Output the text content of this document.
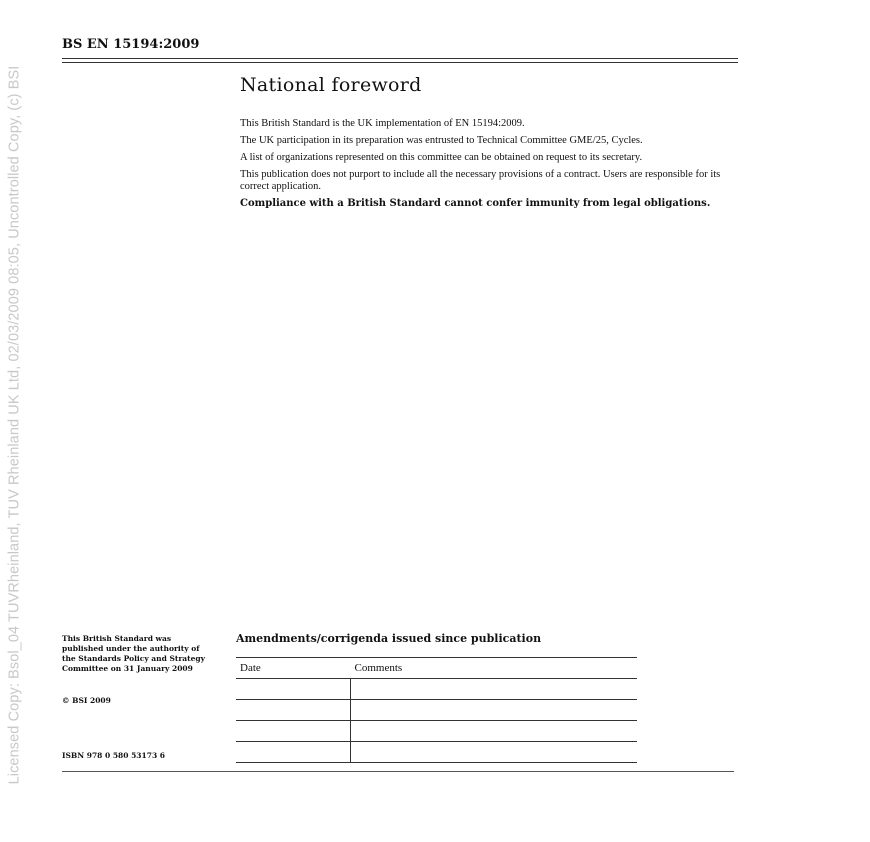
Licensed Copy: Bsol_04 TUVRheinland, TUV Rheinland UK Ltd, 02/03/2009 08:05, Uncontrolled Copy, (c) BSI
BS EN 15194:2009
National foreword

This British Standard is the UK implementation of EN 15194:2009.

The UK participation in its preparation was entrusted to Technical Committee GME/25, Cycles.

A list of organizations represented on this committee can be obtained on request to its secretary.

This publication does not purport to include all the necessary provisions of a contract. Users are responsible for its correct application.

Compliance with a British Standard cannot confer immunity from legal obligations.

This British Standard was published under the authority of the Standards Policy and Strategy Committee on 31 January 2009

© BSI 2009
ISBN 978 0 580 53173 6
Amendments/corrigenda issued since publication
Date	Comments
